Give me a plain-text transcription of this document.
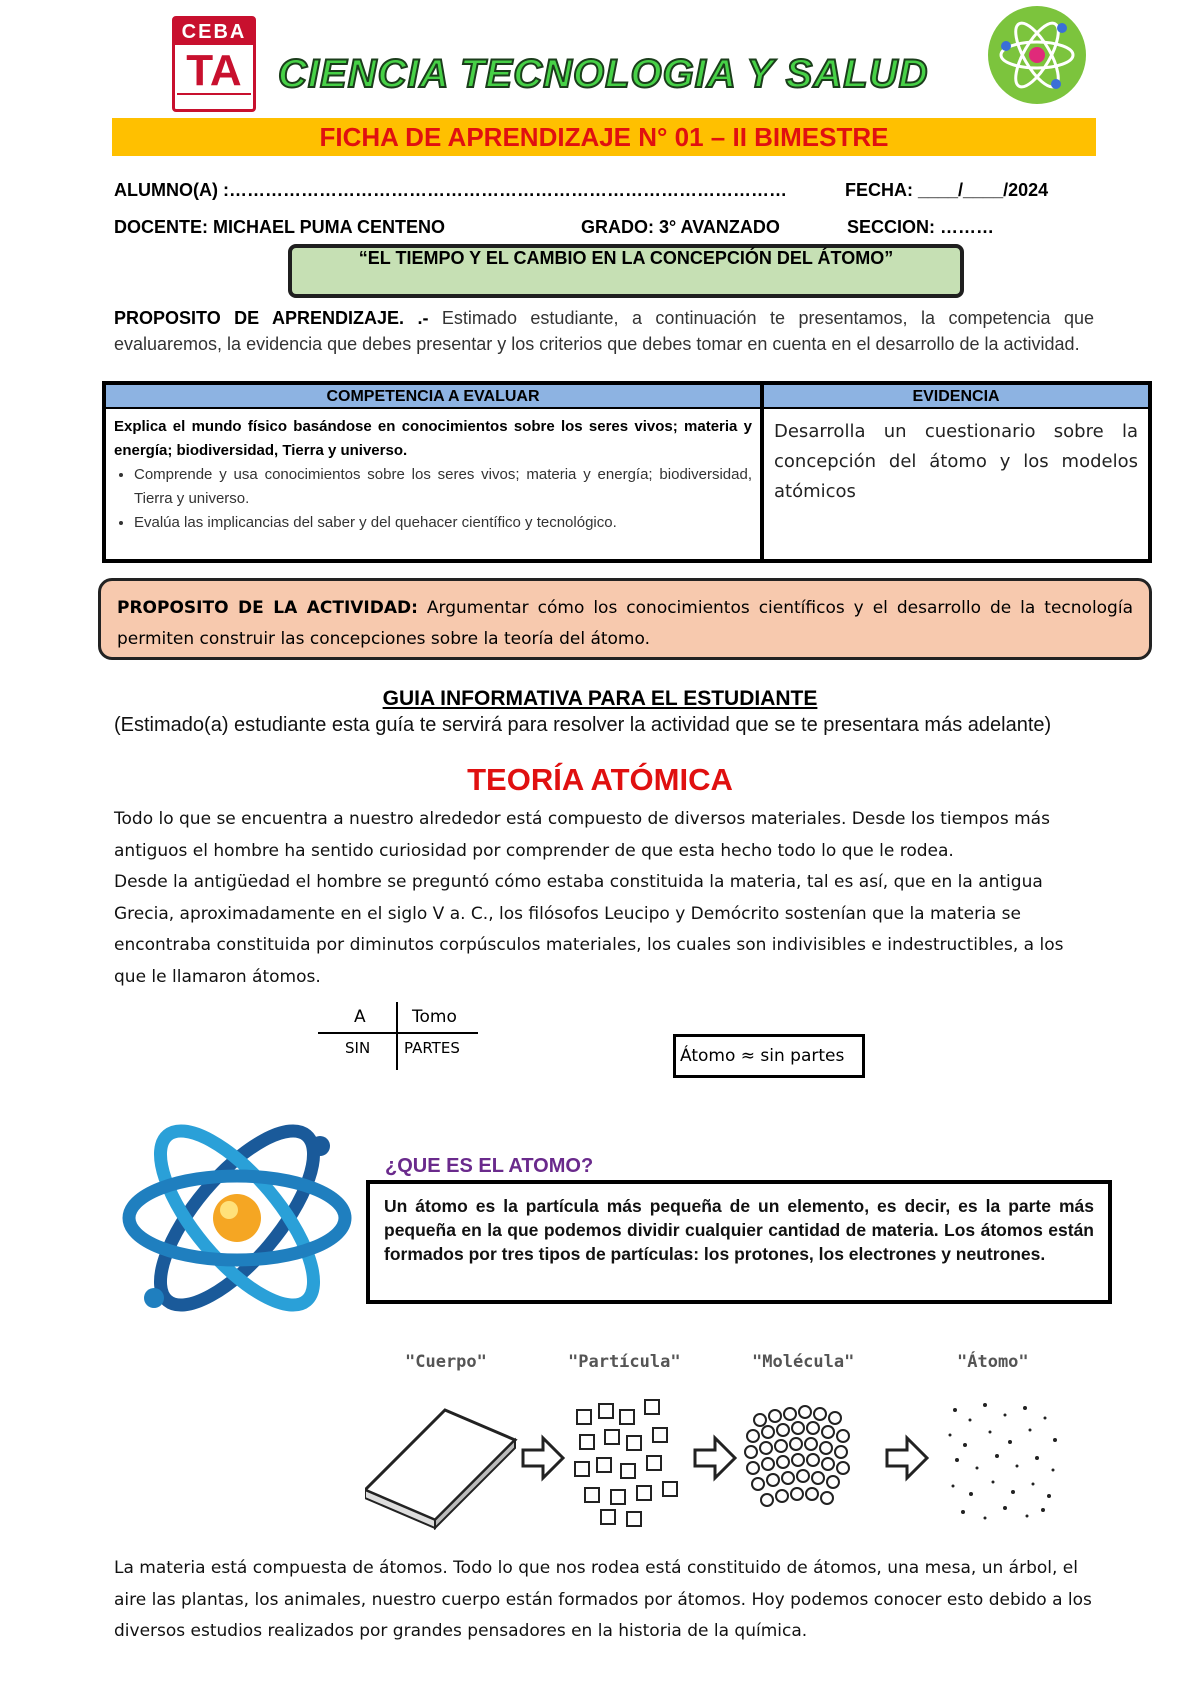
CEBA
TA CIENCIA TECNOLOGIA Y SALUD
FICHA DE APRENDIZAJE N° 01 – II BIMESTRE
ALUMNO(A) :…………………………………………………………………………………	FECHA: ____/____/2024
DOCENTE: MICHAEL PUMA CENTENO	GRADO: 3° AVANZADO	SECCION: ………
“EL TIEMPO Y EL CAMBIO EN LA CONCEPCIÓN DEL ÁTOMO”
PROPOSITO DE APRENDIZAJE. .- Estimado estudiante, a continuación te presentamos, la competencia que evaluaremos, la evidencia que debes presentar y los criterios que debes tomar en cuenta en el desarrollo de la actividad.
COMPETENCIA A EVALUAR	EVIDENCIA
Explica el mundo físico basándose en conocimientos sobre los seres vivos; materia y energía; biodiversidad, Tierra y universo.
• Comprende y usa conocimientos sobre los seres vivos; materia y energía; biodiversidad, Tierra y universo.
• Evalúa las implicancias del saber y del quehacer científico y tecnológico.
Desarrolla un cuestionario sobre la concepción del átomo y los modelos atómicos
PROPOSITO DE LA ACTIVIDAD: Argumentar cómo los conocimientos científicos y el desarrollo de la tecnología permiten construir las concepciones sobre la teoría del átomo.
GUIA INFORMATIVA PARA EL ESTUDIANTE
(Estimado(a) estudiante esta guía te servirá para resolver la actividad que se te presentara más adelante)
TEORÍA ATÓMICA
Todo lo que se encuentra a nuestro alrededor está compuesto de diversos materiales. Desde los tiempos más antiguos el hombre ha sentido curiosidad por comprender de que esta hecho todo lo que le rodea.
Desde la antigüedad el hombre se preguntó cómo estaba constituida la materia, tal es así, que en la antigua Grecia, aproximadamente en el siglo V a. C., los filósofos Leucipo y Demócrito sostenían que la materia se encontraba constituida por diminutos corpúsculos materiales, los cuales son indivisibles e indestructibles, a los que le llamaron átomos.
A	Tomo
SIN PARTES	Átomo ≈ sin partes
¿QUE ES EL ATOMO?
Un átomo es la partícula más pequeña de un elemento, es decir, es la parte más pequeña en la que podemos dividir cualquier cantidad de materia. Los átomos están formados por tres tipos de partículas: los protones, los electrones y neutrones.
"Cuerpo"	"Partícula"	"Molécula"	"Átomo"
La materia está compuesta de átomos. Todo lo que nos rodea está constituido de átomos, una mesa, un árbol, el aire las plantas, los animales, nuestro cuerpo están formados por átomos. Hoy podemos conocer esto debido a los diversos estudios realizados por grandes pensadores en la historia de la química.
